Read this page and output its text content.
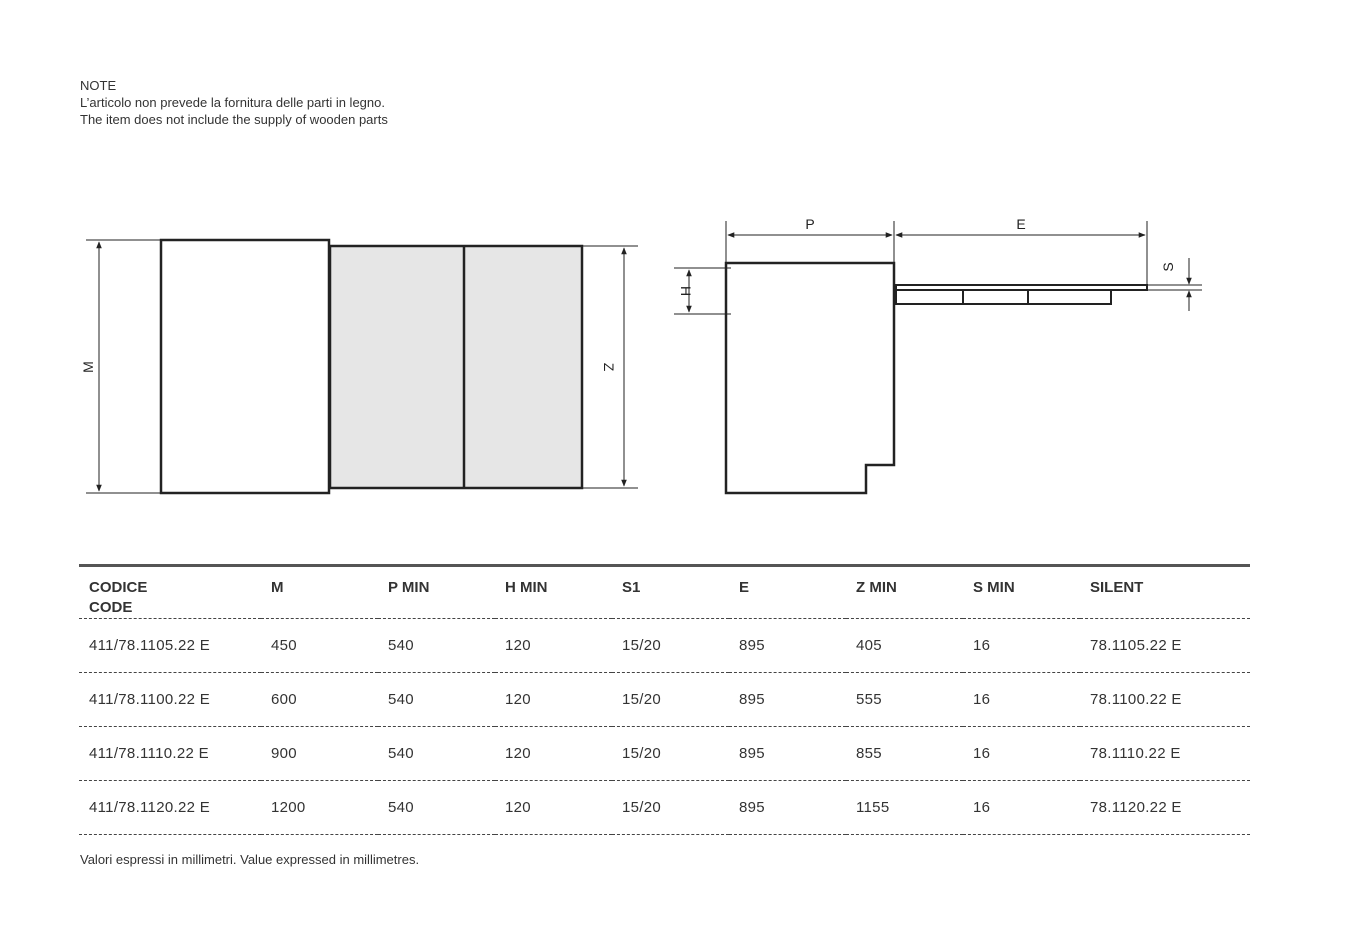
NOTE
L’articolo non prevede la fornitura delle parti in legno.
The item does not include the supply of wooden parts
M	Z
P	E
H
S
CODICE
CODE	M	P MIN	H MIN	S1	E	Z MIN	S MIN	SILENT

411/78.1105.22 E	450	540	120	15/20	895	405	16	78.1105.22 E
411/78.1100.22 E	600	540	120	15/20	895	555	16	78.1100.22 E
411/78.1110.22 E	900	540	120	15/20	895	855	16	78.1110.22 E
411/78.1120.22 E	1200	540	120	15/20	895	1155	16	78.1120.22 E
Valori espressi in millimetri. Value expressed in millimetres.
